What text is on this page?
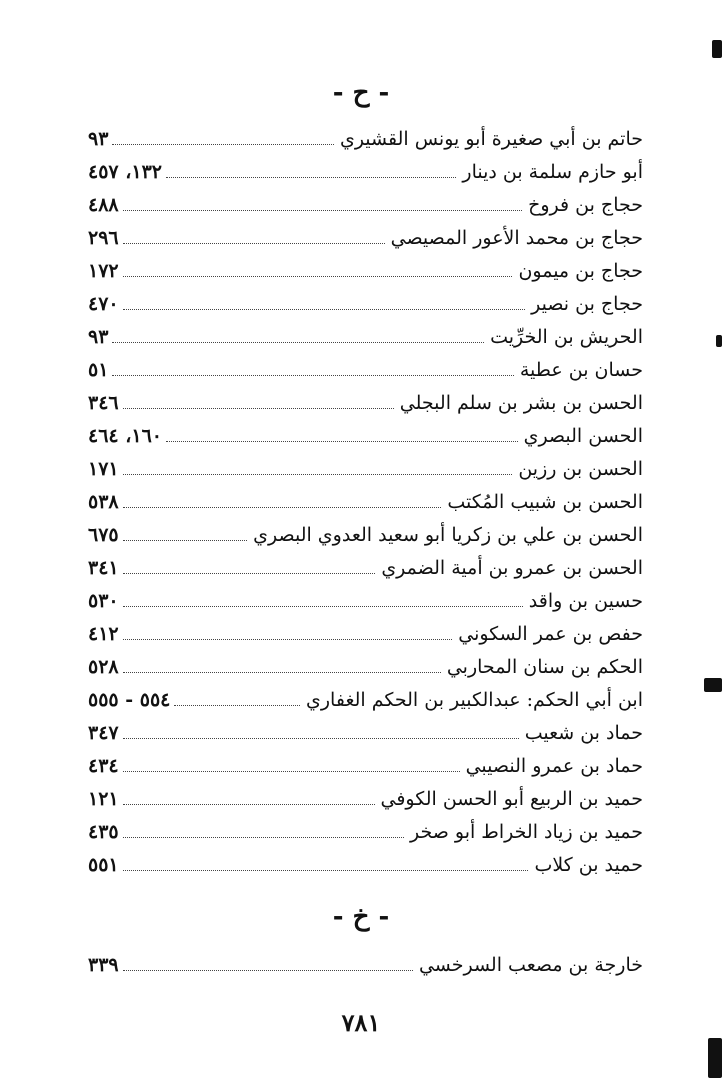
- ح -
حاتم بن أبي صغيرة أبو يونس القشيري
٩٣
أبو حازم سلمة بن دينار
١٣٢، ٤٥٧
حجاج بن فروخ
٤٨٨
حجاج بن محمد الأعور المصيصي
٢٩٦
حجاج بن ميمون
١٧٢
حجاج بن نصير
٤٧٠
الحريش بن الخرِّيت
٩٣
حسان بن عطية
٥١
الحسن بن بشر بن سلم البجلي
٣٤٦
الحسن البصري
١٦٠، ٤٦٤
الحسن بن رزين
١٧١
الحسن بن شبيب المُكتب
٥٣٨
الحسن بن علي بن زكريا أبو سعيد العدوي البصري
٦٧٥
الحسن بن عمرو بن أمية الضمري
٣٤١
حسين بن واقد
٥٣٠
حفص بن عمر السكوني
٤١٢
الحكم بن سنان المحاربي
٥٢٨
ابن أبي الحكم: عبدالكبير بن الحكم الغفاري
٥٥٤ - ٥٥٥
حماد بن شعيب
٣٤٧
حماد بن عمرو النصيبي
٤٣٤
حميد بن الربيع أبو الحسن الكوفي
١٢١
حميد بن زياد الخراط أبو صخر
٤٣٥
حميد بن كلاب
٥٥١
- خ -
خارجة بن مصعب السرخسي
٣٣٩
٧٨١
